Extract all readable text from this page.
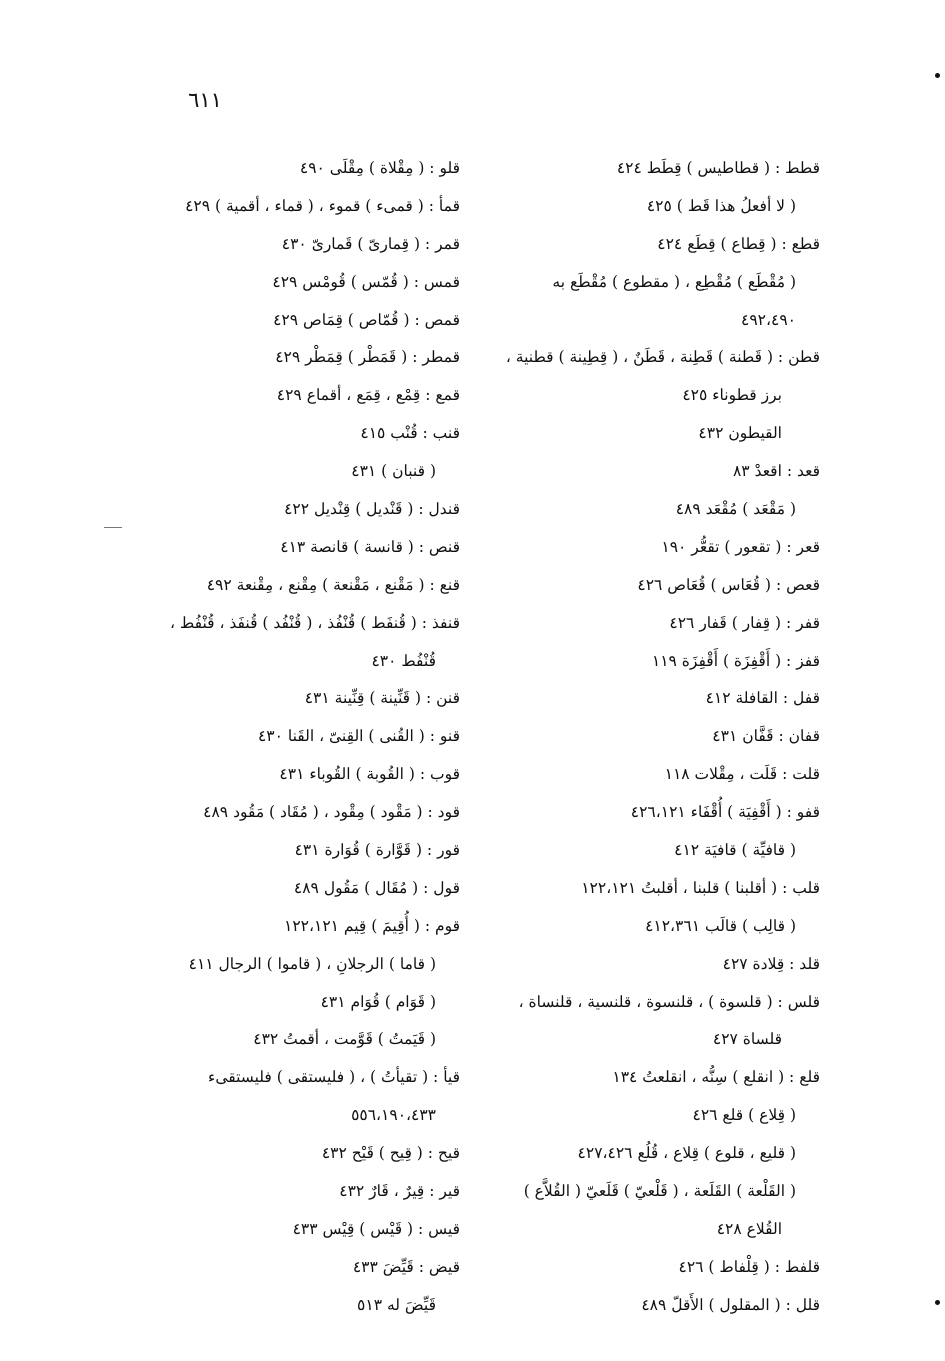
٦١١
قطط : ( قطاطيس ) قِطَط ٤٢٤
( لا أفعلُ هذا قَط ) ٤٢٥
قطع : ( قِطاع ) قِطَع ٤٢٤
( مُقْطَع ) مُقْطِع ، ( مقطوع ) مُقْطَع به
٤٩٢،٤٩٠
قطن : ( قَطنة ) قَطِنة ، قَطَنٌ ، ( قِطِينة ) قطنية ،
برز قطوناء ٤٢٥
القيطون ٤٣٢
قعد : اقعدْ ٨٣
( مَقْعَد ) مُقْعَد ٤٨٩
قعر : ( تقعور ) تقعُّر ١٩٠
قعص : ( قُعَاس ) قُعَاص ٤٢٦
قفر : ( قِفار ) قَفار ٤٢٦
قفز : ( أَقْفِزَة ) أَقْفِزَة ١١٩
قفل : القافلة ٤١٢
قفان : قَفَّان ٤٣١
قلت : قَلَت ، مِقْلات ١١٨
قفو : ( أَقْفِيَة ) أُقْفَاء ٤٢٦،١٢١
( قافيِّة ) قافيَة ٤١٢
قلب : ( أقلبنا ) قلبنا ، أقلبتُ ١٢٢،١٢١
( قالِب ) قالَب ٤١٢،٣٦١
قلد : قِلادة ٤٢٧
قلس : ( قلسوة ) ، قلنسوة ، قلنسية ، قلنساة ،
قلساة ٤٢٧
قلع : ( انقلع ) سِنُّه ، انقلعتُ ١٣٤
( قِلاع ) قلع ٤٢٦
( قليع ، قلوع ) قِلاع ، قُلُع ٤٢٧،٤٢٦
( القَلْعة ) القَلَعة ، ( قَلْعيّ ) قَلَعيّ ( القُلاَّع )
القُلاع ٤٢٨
قلفط : ( قِلْفاط ) ٤٢٦
قلل : ( المقلول ) الأَقلّ ٤٨٩
قلو : ( مِقْلاة ) مِقْلَى ٤٩٠
قمأ : ( قمىء ) قموء ، ( قماء ، أقمية ) ٤٢٩
قمر : ( قِمارىّ ) قَمارىّ ٤٣٠
قمس : ( قُمّس ) قُومْس ٤٢٩
قمص : ( قُمّاص ) قِمَاص ٤٢٩
قمطر : ( قَمَطْر ) قِمَطْر ٤٢٩
قمع : قِمْع ، قِمَع ، أقماع ٤٢٩
قنب : قُنْب ٤١٥
( قنبان ) ٤٣١
قندل : ( قَنْديل ) قِنْديل ٤٢٢
قنص : ( قانسة ) قانصة ٤١٣
قنع : ( مَقْنع ، مَقْنعة ) مِقْنع ، مِقْنعة ٤٩٢
قنفذ : ( قُنفَط ) قُنْفُذ ، ( قُنْفُد ) قُنفَذ ، قُنْفُط ،
قُنْفُط ٤٣٠
قنن : ( قَنِّينة ) قِنِّينة ٤٣١
قنو : ( القُنى ) القِنىّ ، القَنا ٤٣٠
قوب : ( القُوبة ) القُوباء ٤٣١
قود : ( مَقْود ) مِقْود ، ( مُقَاد ) مَقُود ٤٨٩
قور : ( قَوَّارة ) قُوَارة ٤٣١
قول : ( مُقَال ) مَقُول ٤٨٩
قوم : ( أُقِيمَ ) قِيم ١٢٢،١٢١
( قاما ) الرجلانِ ، ( قاموا ) الرجال ٤١١
( قَوَام ) قُوَام ٤٣١
( قَيَمتُ ) قَوَّمت ، أقمتُ ٤٣٢
قيأ : ( تقيأتُ ) ، ( فليستقى ) فليستقىء
٥٥٦،١٩٠،٤٣٣
قيح : ( قِيح ) قَيْح ٤٣٢
قير : قِيرٌ ، قَارٌ ٤٣٢
قيس : ( قَيْس ) قِيْس ٤٣٣
قيض : قَيِّضَ ٤٣٣
قَيِّضَ له ٥١٣
